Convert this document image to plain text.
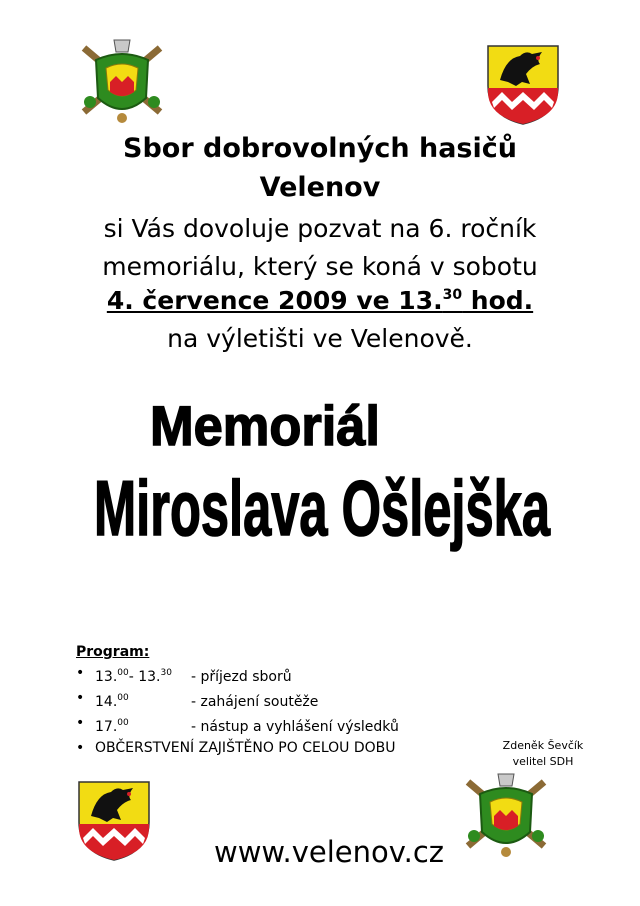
Sbor dobrovolných hasičů
Velenov
si Vás dovoluje pozvat na 6. ročník
memoriálu, který se koná v sobotu
4. července 2009 ve 13.30 hod.
na výletišti ve Velenově.
Memoriál
Miroslava Ošlejška
Program:
• 13.00- 13.30 - příjezd sborů
• 14.00	- zahájení soutěže
• 17.00	- nástup a vyhlášení výsledků
• OBČERSTVENÍ ZAJIŠTĚNO PO CELOU DOBU	Zdeněk Ševčík
velitel SDH
www.velenov.cz
